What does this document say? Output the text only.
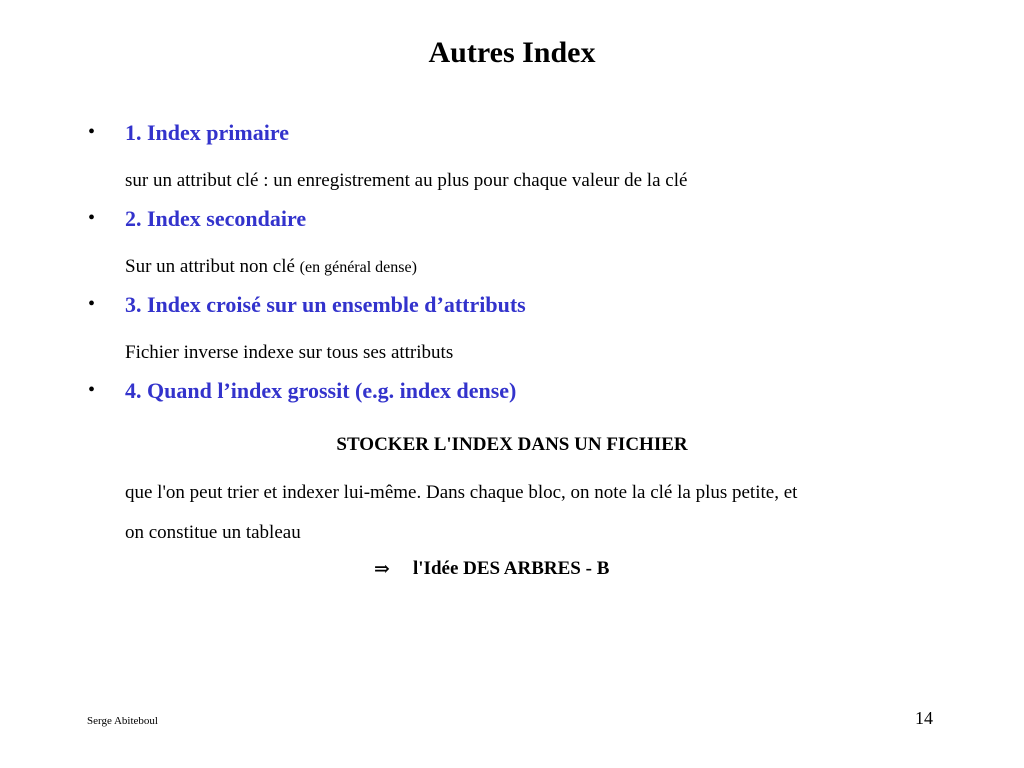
Autres Index
• 1. Index primaire
sur un attribut clé : un enregistrement au plus pour chaque valeur de la clé
• 2. Index secondaire
Sur un attribut non clé (en général dense)
• 3. Index croisé sur un ensemble d’attributs
Fichier inverse indexe sur tous ses attributs
• 4. Quand l’index grossit (e.g. index dense)
STOCKER L'INDEX DANS UN FICHIER
que l'on peut trier et indexer lui-même. Dans chaque bloc, on note la clé la plus petite, et
on constitue un tableau
⇒ l'Idée DES ARBRES - B
Serge Abiteboul	14
